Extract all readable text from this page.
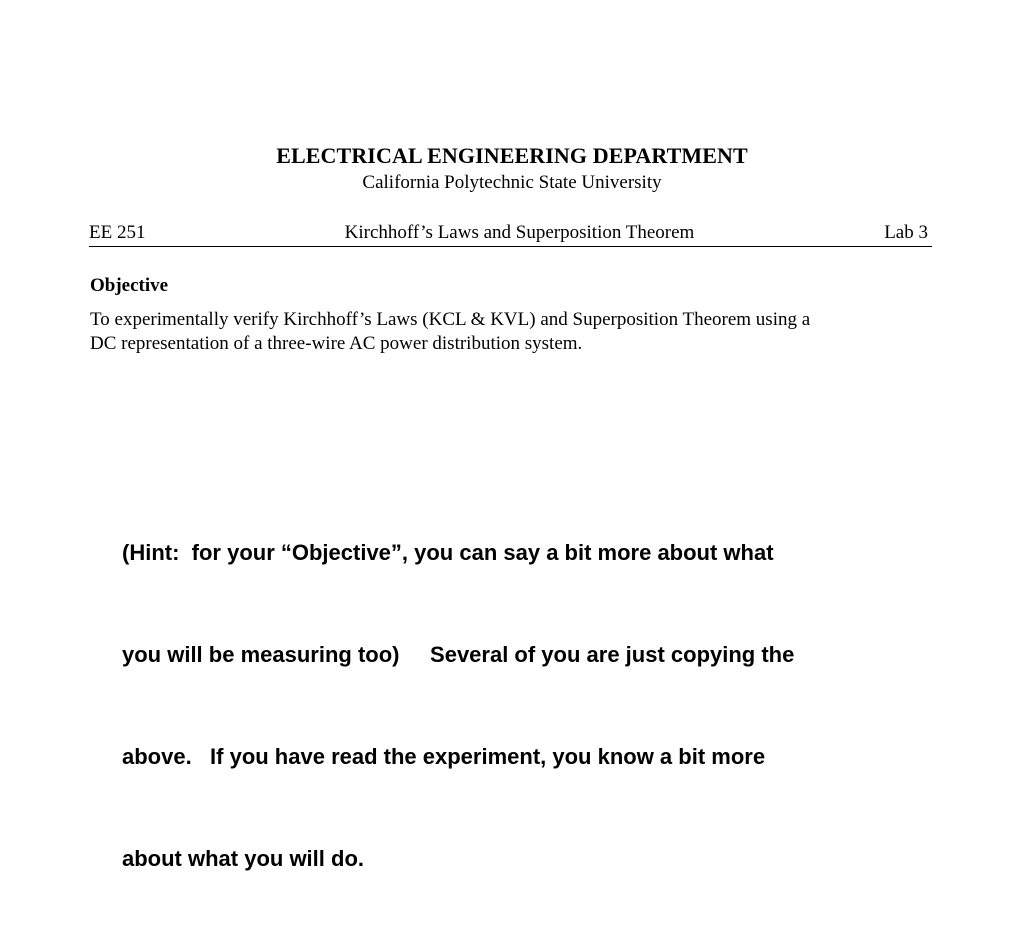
ELECTRICAL ENGINEERING DEPARTMENT
California Polytechnic State University
EE 251	Kirchhoff’s Laws and Superposition Theorem	Lab 3
Objective
To experimentally verify Kirchhoff’s Laws (KCL & KVL) and Superposition Theorem using a
DC representation of a three-wire AC power distribution system.

(Hint:  for your “Objective”, you can say a bit more about what

you will be measuring too)     Several of you are just copying the

above.   If you have read the experiment, you know a bit more

about what you will do.
